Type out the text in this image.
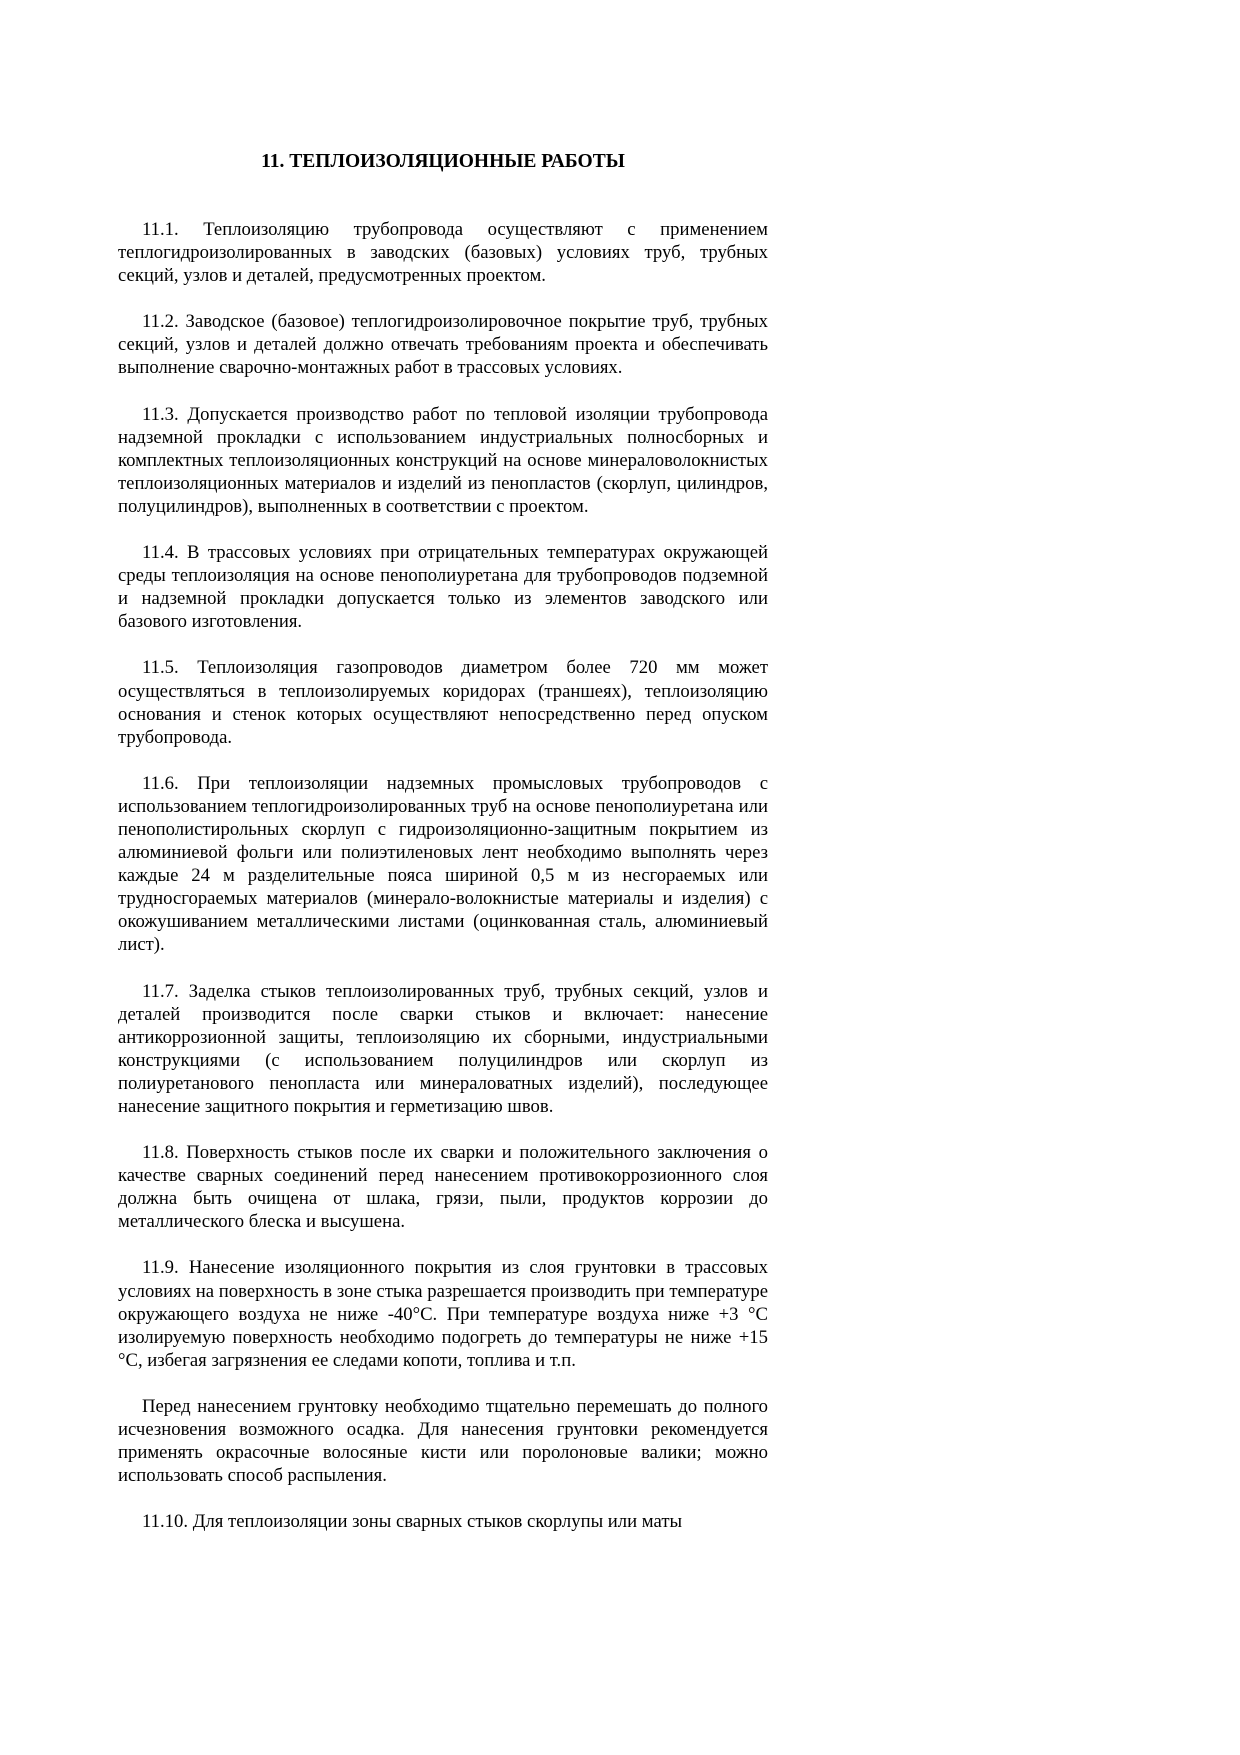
11. ТЕПЛОИЗОЛЯЦИОННЫЕ РАБОТЫ

11.1. Теплоизоляцию трубопровода осуществляют с применением теплогидроизолированных в заводских (базовых) условиях труб, трубных секций, узлов и деталей, предусмотренных проектом.

11.2. Заводское (базовое) теплогидроизолировочное покрытие труб, трубных секций, узлов и деталей должно отвечать требованиям проекта и обеспечивать выполнение сварочно-монтажных работ в трассовых условиях.

11.3. Допускается производство работ по тепловой изоляции трубопровода надземной прокладки с использованием индустриальных полносборных и комплектных теплоизоляционных конструкций на основе минераловолокнистых теплоизоляционных материалов и изделий из пенопластов (скорлуп, цилиндров, полуцилиндров), выполненных в соответствии с проектом.

11.4. В трассовых условиях при отрицательных температурах окружающей среды теплоизоляция на основе пенополиуретана для трубопроводов подземной и надземной прокладки допускается только из элементов заводского или базового изготовления.

11.5. Теплоизоляция газопроводов диаметром более 720 мм может осуществляться в теплоизолируемых коридорах (траншеях), теплоизоляцию основания и стенок которых осуществляют непосредственно перед опуском трубопровода.

11.6. При теплоизоляции надземных промысловых трубопроводов с использованием теплогидроизолированных труб на основе пенополиуретана или пенополистирольных скорлуп с гидроизоляционно-защитным покрытием из алюминиевой фольги или полиэтиленовых лент необходимо выполнять через каждые 24 м разделительные пояса шириной 0,5 м из несгораемых или трудносгораемых материалов (минерало-волокнистые материалы и изделия) с окожушиванием металлическими листами (оцинкованная сталь, алюминиевый лист).

11.7. Заделка стыков теплоизолированных труб, трубных секций, узлов и деталей производится после сварки стыков и включает: нанесение антикоррозионной защиты, теплоизоляцию их сборными, индустриальными конструкциями (с использованием полуцилиндров или скорлуп из полиуретанового пенопласта или минераловатных изделий), последующее нанесение защитного покрытия и герметизацию швов.

11.8. Поверхность стыков после их сварки и положительного заключения о качестве сварных соединений перед нанесением противокоррозионного слоя должна быть очищена от шлака, грязи, пыли, продуктов коррозии до металлического блеска и высушена.

11.9. Нанесение изоляционного покрытия из слоя грунтовки в трассовых условиях на поверхность в зоне стыка разрешается производить при температуре окружающего воздуха не ниже -40°С. При температуре воздуха ниже +3 °С изолируемую поверхность необходимо подогреть до температуры не ниже +15 °С, избегая загрязнения ее следами копоти, топлива и т.п.

Перед нанесением грунтовку необходимо тщательно перемешать до полного исчезновения возможного осадка. Для нанесения грунтовки рекомендуется применять окрасочные волосяные кисти или поролоновые валики; можно использовать способ распыления.

11.10. Для теплоизоляции зоны сварных стыков скорлупы или маты
